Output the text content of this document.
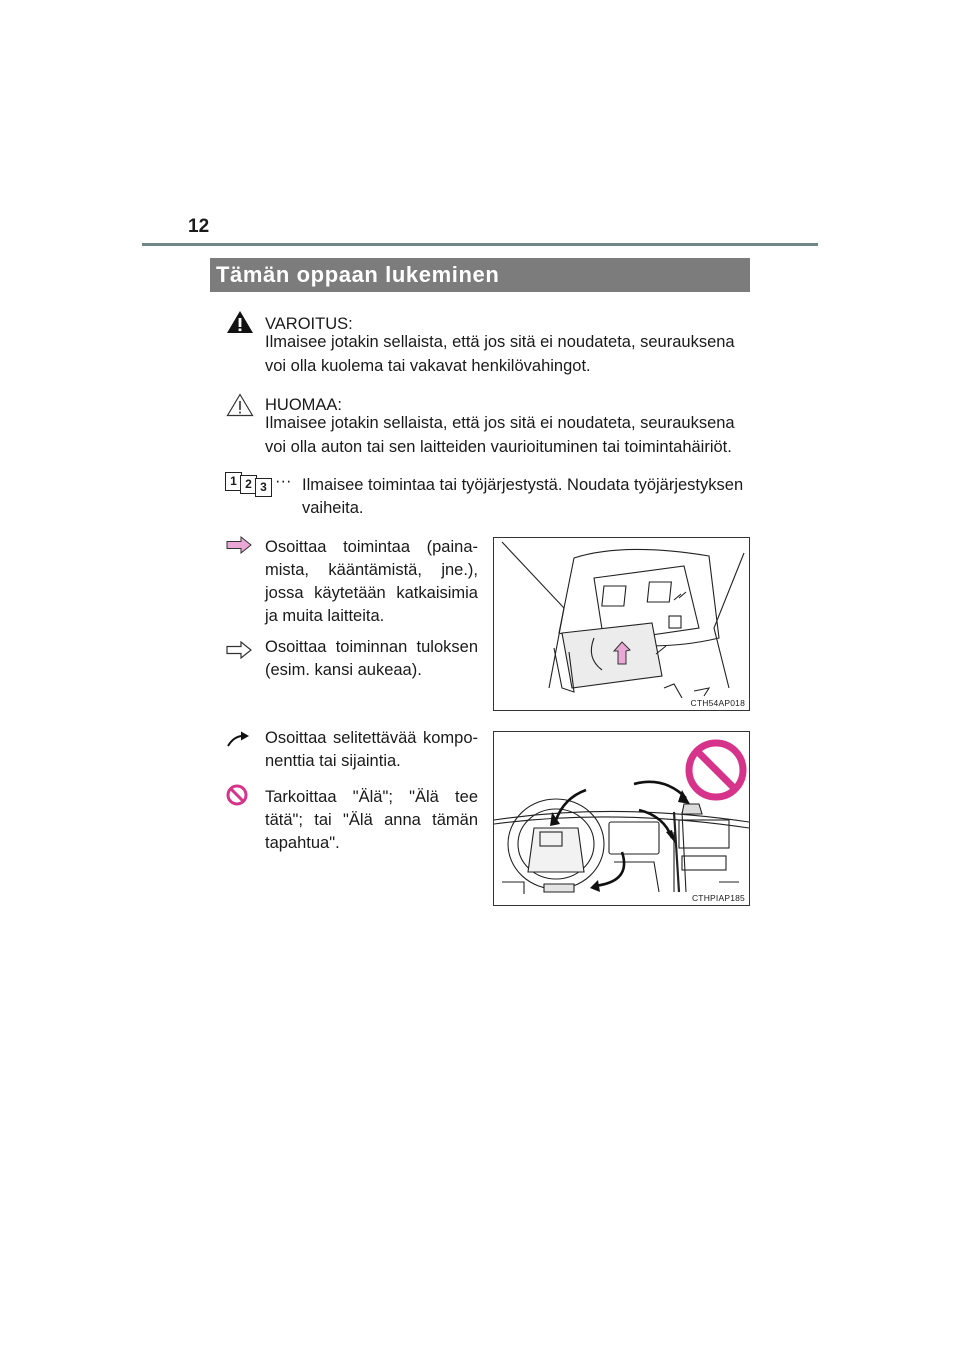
12
Tämän oppaan lukeminen
VAROITUS:
Ilmaisee jotakin sellaista, että jos sitä ei noudateta, seurauksena voi olla kuolema tai vakavat henkilövahingot.
HUOMAA:
Ilmaisee jotakin sellaista, että jos sitä ei noudateta, seurauksena voi olla auton tai sen laitteiden vaurioituminen tai toimintahäiriöt.
1 2 3 ··· Ilmaisee toimintaa tai työjärjestystä. Noudata työjärjestyksen vaiheita.
Osoittaa toimintaa (paina-mista, kääntämistä, jne.), jossa käytetään katkaisimia ja muita laitteita.
Osoittaa toiminnan tuloksen (esim. kansi aukeaa).
CTH54AP018
Osoittaa selitettävää kompo-nenttia tai sijaintia.
Tarkoittaa "Älä"; "Älä tee tätä"; tai "Älä anna tämän tapahtua".
CTHPIAP185
